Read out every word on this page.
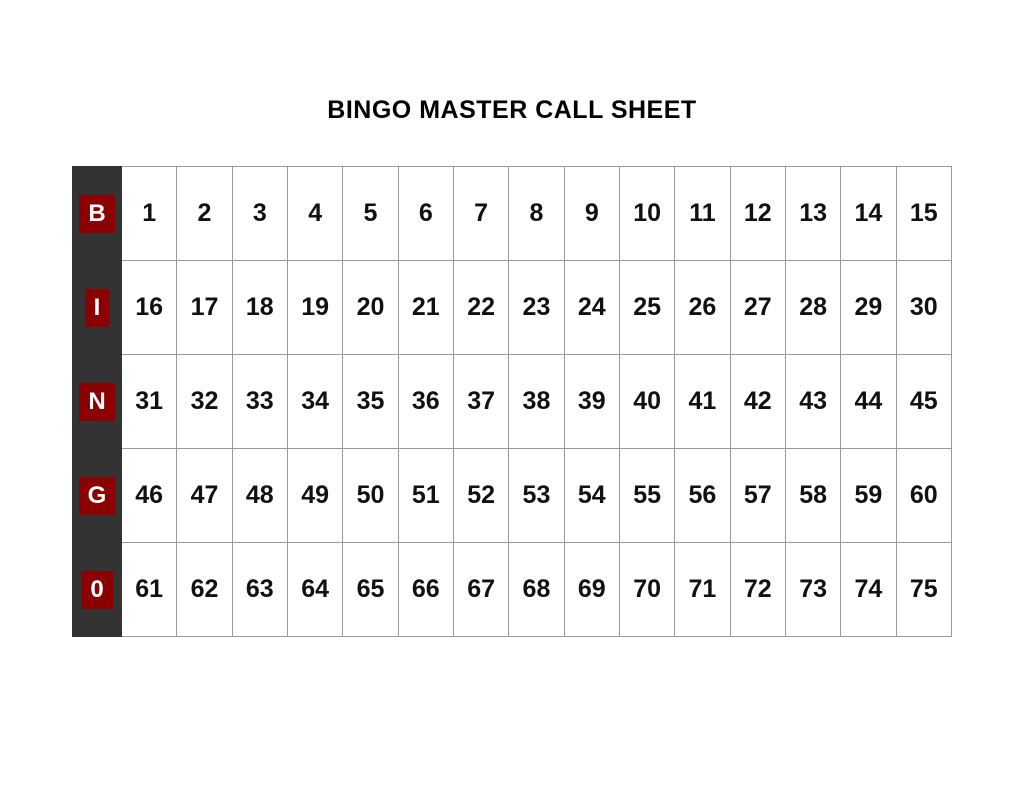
BINGO MASTER CALL SHEET
B	1	2	3	4	5	6	7	8	9	10	11	12	13	14	15
I	16	17	18	19	20	21	22	23	24	25	26	27	28	29	30
N	31	32	33	34	35	36	37	38	39	40	41	42	43	44	45
G	46	47	48	49	50	51	52	53	54	55	56	57	58	59	60
0	61	62	63	64	65	66	67	68	69	70	71	72	73	74	75
